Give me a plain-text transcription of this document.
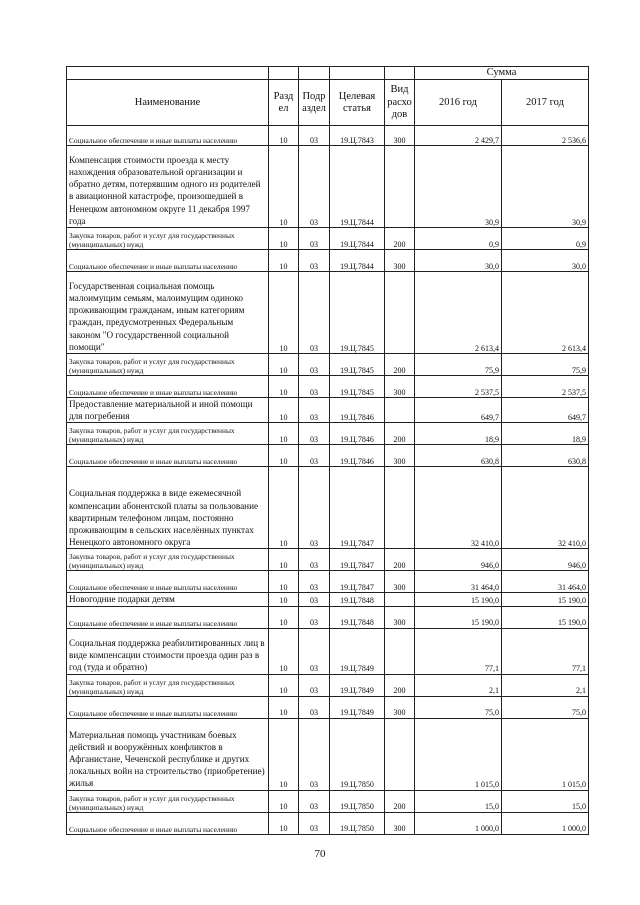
					Сумма	
Наименование	Разд ел	Подр аздел	Целевая статья	Вид расхо дов	2016 год	2017 год
Социальное обеспечение и иные выплаты населению	10	03	19.Ц.7843	300	2 429,7	2 536,6
Компенсация стоимости проезда к месту нахождения образовательной организации и обратно детям, потерявшим одного из родителей в авиационной катастрофе, произошедшей в Ненецком автономном округе 11 декабря 1997 года	10	03	19.Ц.7844		30,9	30,9
Закупка товаров, работ и услуг для государственных (муниципальных) нужд	10	03	19.Ц.7844	200	0,9	0,9
Социальное обеспечение и иные выплаты населению	10	03	19.Ц.7844	300	30,0	30,0
Государственная социальная помощь малоимущим семьям, малоимущим одиноко проживающим гражданам, иным категориям граждан, предусмотренных Федеральным законом "О государственной социальной помощи"	10	03	19.Ц.7845		2 613,4	2 613,4
Закупка товаров, работ и услуг для государственных (муниципальных) нужд	10	03	19.Ц.7845	200	75,9	75,9
Социальное обеспечение и иные выплаты населению	10	03	19.Ц.7845	300	2 537,5	2 537,5
Предоставление материальной и иной помощи для погребения	10	03	19.Ц.7846		649,7	649,7
Закупка товаров, работ и услуг для государственных (муниципальных) нужд	10	03	19.Ц.7846	200	18,9	18,9
Социальное обеспечение и иные выплаты населению	10	03	19.Ц.7846	300	630,8	630,8
Социальная поддержка в виде ежемесячной компенсации абонентской платы за пользование квартирным телефоном лицам, постоянно проживающим в сельских населённых пунктах Ненецкого автономного округа	10	03	19.Ц.7847		32 410,0	32 410,0
Закупка товаров, работ и услуг для государственных (муниципальных) нужд	10	03	19.Ц.7847	200	946,0	946,0
Социальное обеспечение и иные выплаты населению	10	03	19.Ц.7847	300	31 464,0	31 464,0
Новогодние подарки детям	10	03	19.Ц.7848		15 190,0	15 190,0
Социальное обеспечение и иные выплаты населению	10	03	19.Ц.7848	300	15 190,0	15 190,0
Социальная поддержка реабилитированных лиц в виде компенсации стоимости проезда один раз в год (туда и обратно)	10	03	19.Ц.7849		77,1	77,1
Закупка товаров, работ и услуг для государственных (муниципальных) нужд	10	03	19.Ц.7849	200	2,1	2,1
Социальное обеспечение и иные выплаты населению	10	03	19.Ц.7849	300	75,0	75,0
Материальная помощь участникам боевых действий и вооружённых конфликтов в Афганистане, Чеченской республике и других локальных войн на строительство (приобретение) жилья	10	03	19.Ц.7850		1 015,0	1 015,0
Закупка товаров, работ и услуг для государственных (муниципальных) нужд	10	03	19.Ц.7850	200	15,0	15,0
Социальное обеспечение и иные выплаты населению	10	03	19.Ц.7850	300	1 000,0	1 000,0
70
